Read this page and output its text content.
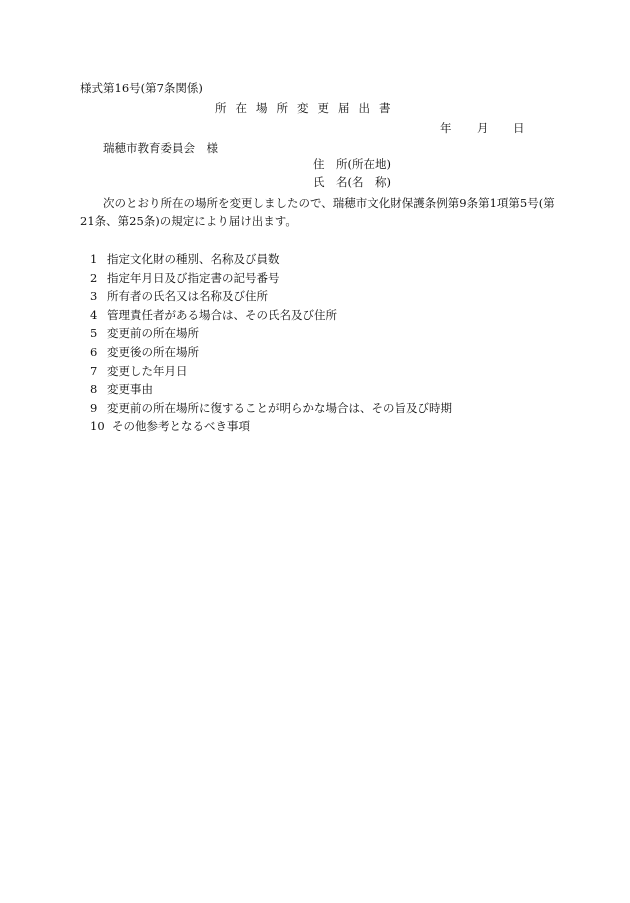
様式第16号(第7条関係)
所在場所変更届出書
年 月 日
瑞穂市教育委員会　様
住　所(所在地)
氏　名(名　称)
次のとおり所在の場所を変更しましたので、瑞穂市文化財保護条例第9条第1項第5号(第21条、第25条)の規定により届け出ます。
1 指定文化財の種別、名称及び員数
2 指定年月日及び指定書の記号番号
3 所有者の氏名又は名称及び住所
4 管理責任者がある場合は、その氏名及び住所
5 変更前の所在場所
6 変更後の所在場所
7 変更した年月日
8 変更事由
9 変更前の所在場所に復することが明らかな場合は、その旨及び時期
10 その他参考となるべき事項
